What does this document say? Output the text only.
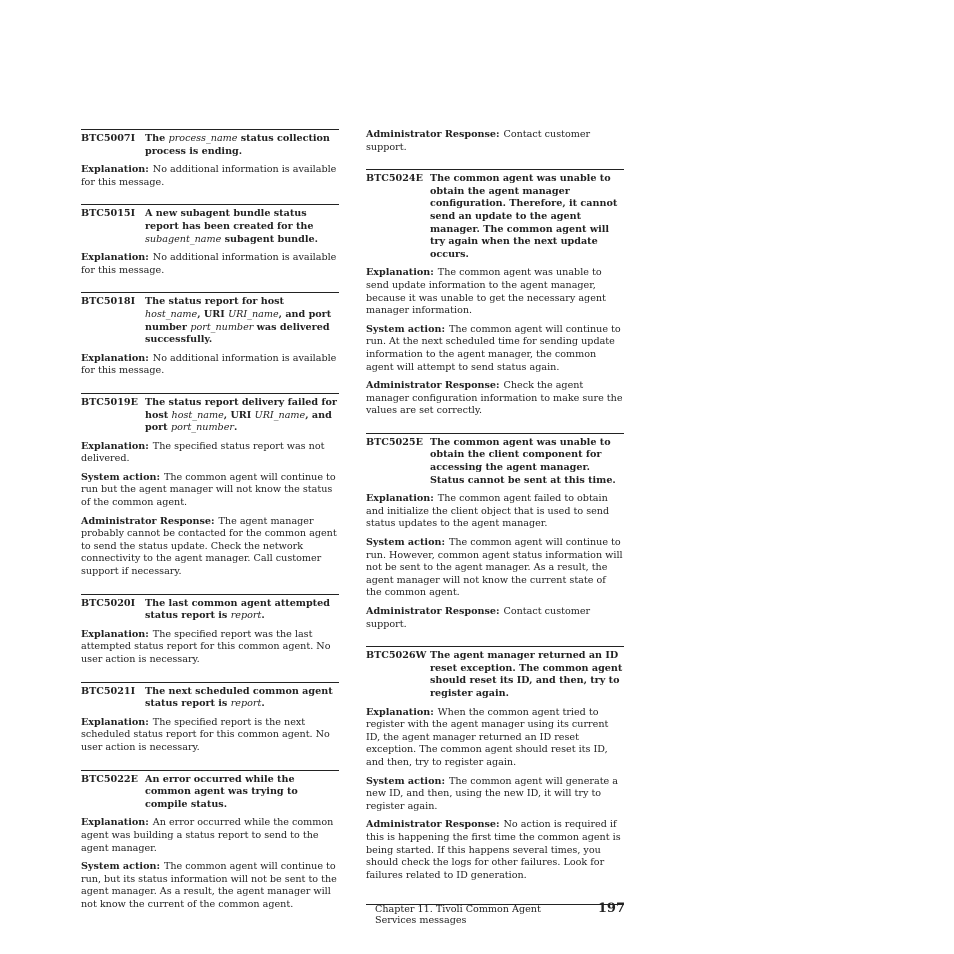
BTC5007I	The process_name status collection process is ending.

Explanation: No additional information is available for this message.

BTC5015I	A new subagent bundle status report has been created for the subagent_name subagent bundle.

Explanation: No additional information is available for this message.

BTC5018I	The status report for host host_name, URI URI_name, and port number port_number was delivered successfully.

Explanation: No additional information is available for this message.

BTC5019E The status report delivery failed for host host_name, URI URI_name, and port port_number.

Explanation: The specified status report was not delivered.

System action: The common agent will continue to run but the agent manager will not know the status of the common agent.

Administrator Response: The agent manager probably cannot be contacted for the common agent to send the status update. Check the network connectivity to the agent manager. Call customer support if necessary.

BTC5020I	The last common agent attempted status report is report.

Explanation: The specified report was the last attempted status report for this common agent. No user action is necessary.

BTC5021I	The next scheduled common agent status report is report.

Explanation: The specified report is the next scheduled status report for this common agent. No user action is necessary.

BTC5022E An error occurred while the common agent was trying to compile status.

Explanation: An error occurred while the common agent was building a status report to send to the agent manager.

System action: The common agent will continue to run, but its status information will not be sent to the agent manager. As a result, the agent manager will not know the current of the common agent.

Administrator Response: Contact customer support.

BTC5024E The common agent was unable to obtain the agent manager configuration. Therefore, it cannot send an update to the agent manager. The common agent will try again when the next update occurs.

Explanation: The common agent was unable to send update information to the agent manager, because it was unable to get the necessary agent manager information.

System action: The common agent will continue to run. At the next scheduled time for sending update information to the agent manager, the common agent will attempt to send status again.

Administrator Response: Check the agent manager configuration information to make sure the values are set correctly.

BTC5025E The common agent was unable to obtain the client component for accessing the agent manager. Status cannot be sent at this time.

Explanation: The common agent failed to obtain and initialize the client object that is used to send status updates to the agent manager.

System action: The common agent will continue to run. However, common agent status information will not be sent to the agent manager. As a result, the agent manager will not know the current state of the common agent.

Administrator Response: Contact customer support.

BTC5026W The agent manager returned an ID reset exception. The common agent should reset its ID, and then, try to register again.

Explanation: When the common agent tried to register with the agent manager using its current ID, the agent manager returned an ID reset exception. The common agent should reset its ID, and then, try to register again.

System action: The common agent will generate a new ID, and then, using the new ID, it will try to register again.

Administrator Response: No action is required if this is happening the first time the common agent is being started. If this happens several times, you should check the logs for other failures. Look for failures related to ID generation.

Chapter 11. Tivoli Common Agent Services messages
197
